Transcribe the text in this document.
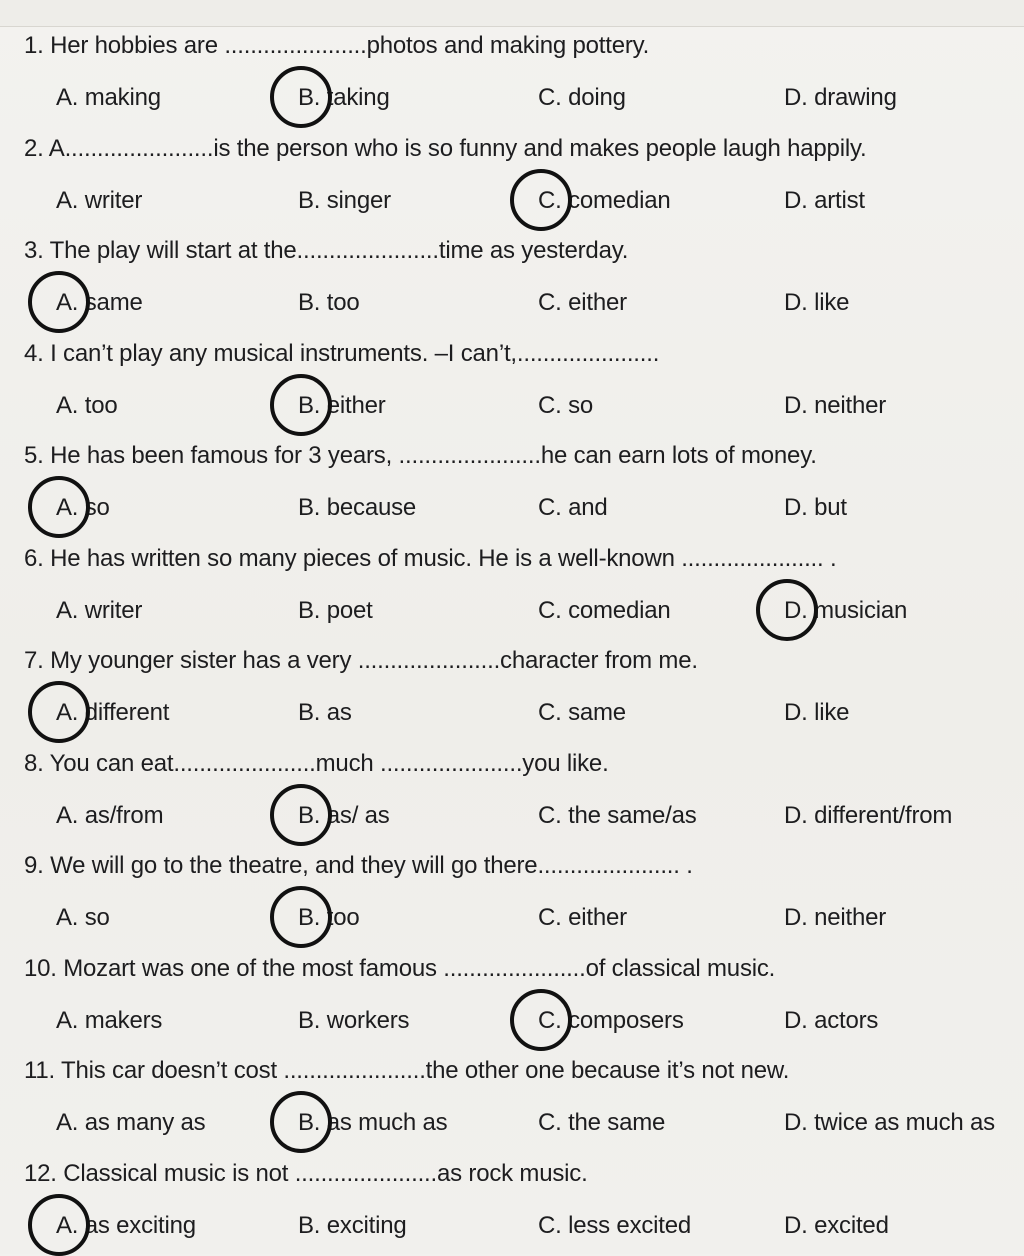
1. Her hobbies are ......................photos and making pottery.
A. making	B. taking	C. doing	D. drawing
2. A.......................is the person who is so funny and makes people laugh happily.
A. writer	B. singer	C. comedian	D. artist
3. The play will start at the......................time as yesterday.
A. same	B. too	C. either	D. like
4. I can’t play any musical instruments. –I can’t,......................
A. too	B. either	C. so	D. neither
5. He has been famous for 3 years, ......................he can earn lots of money.
A. so	B. because	C. and	D. but
6. He has written so many pieces of music. He is a well-known ...................... .
A. writer	B. poet	C. comedian	D. musician
7. My younger sister has a very ......................character from me.
A. different	B. as	C. same	D. like
8. You can eat......................much ......................you like.
A. as/from	B. as/ as	C. the same/as	D. different/from
9. We will go to the theatre, and they will go there...................... .
A. so	B. too	C. either	D. neither
10. Mozart was one of the most famous ......................of classical music.
A. makers	B. workers	C. composers	D. actors
11. This car doesn’t cost ......................the other one because it’s not new.
A. as many as	B. as much as	C. the same	D. twice as much as
12. Classical music is not ......................as rock music.
A. as exciting	B. exciting	C. less excited	D. excited
